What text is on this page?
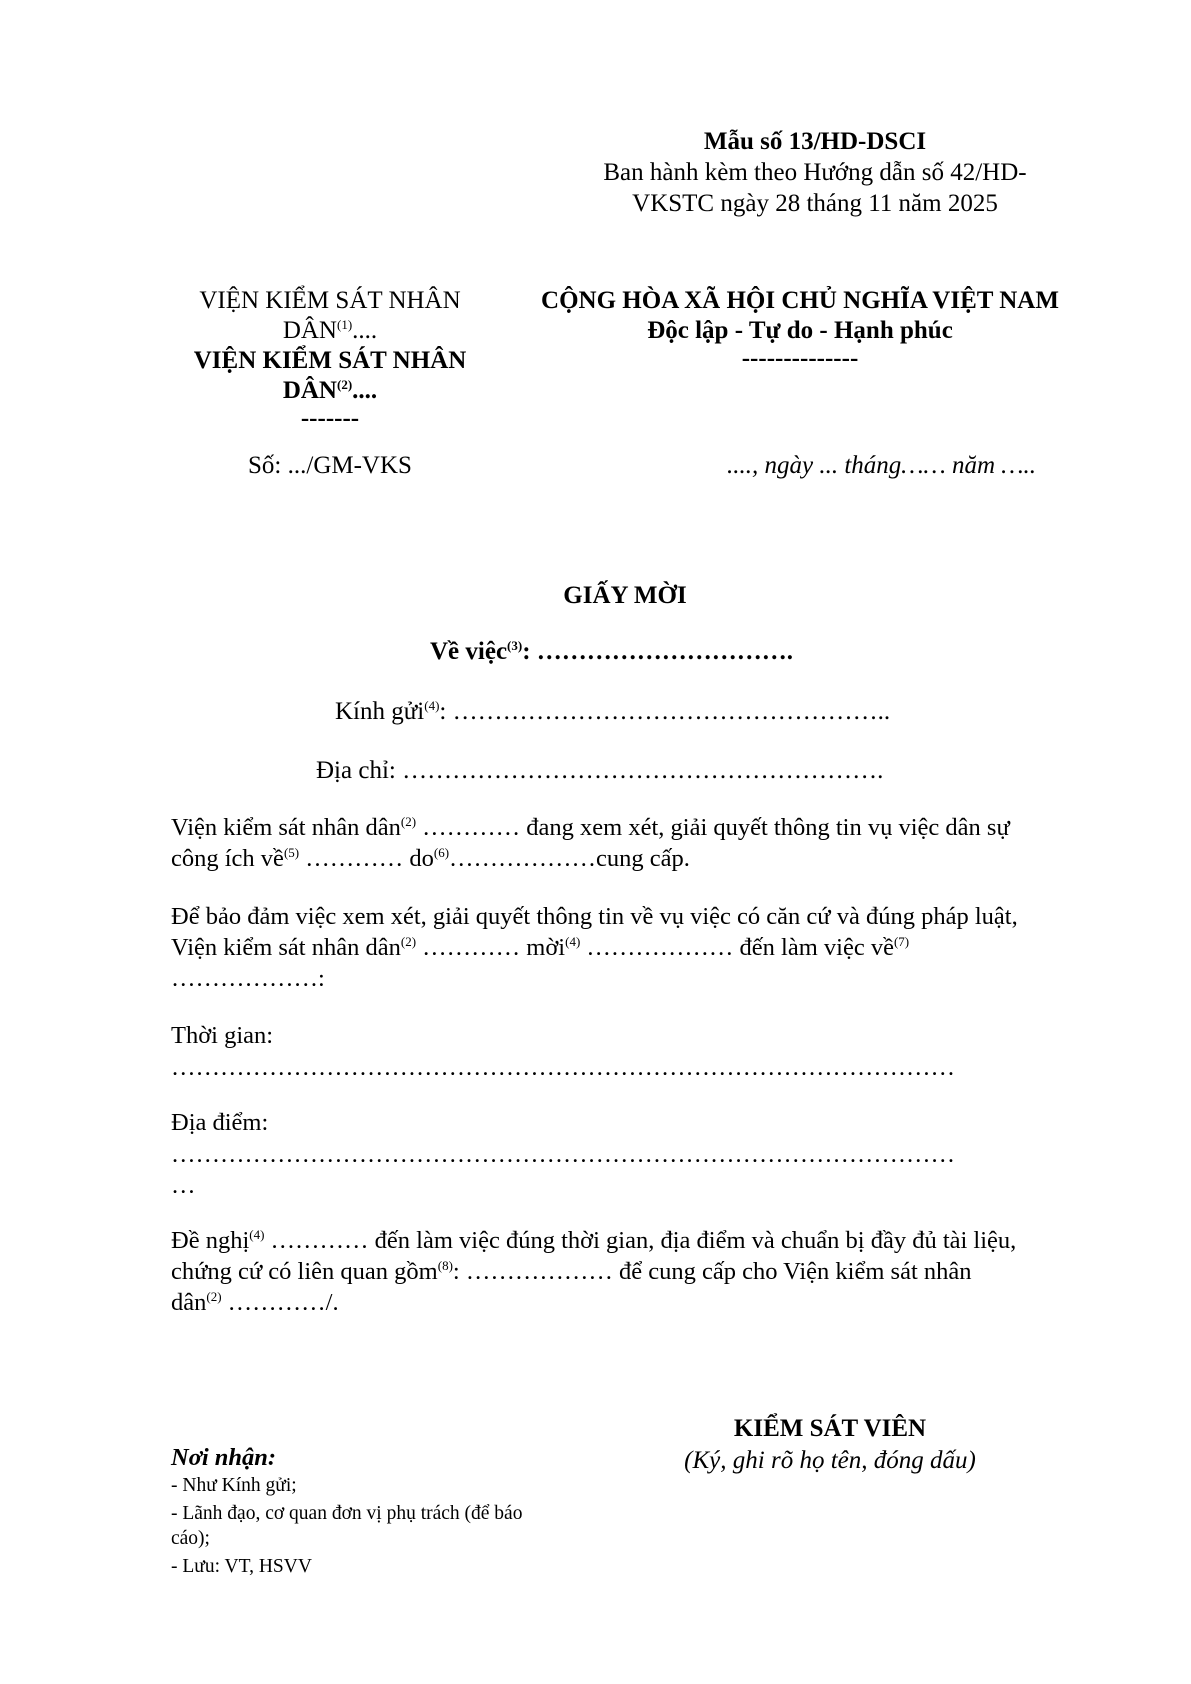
Mẫu số 13/HD-DSCI
Ban hành kèm theo Hướng dẫn số 42/HD-
VKSTC ngày 28 tháng 11 năm 2025
VIỆN KIỂM SÁT NHÂN
DÂN$^{(1)}$....
VIỆN KIỂM SÁT NHÂN
DÂN$^{(2)}$....
-------
Số: .../GM-VKS
CỘNG HÒA XÃ HỘI CHỦ NGHĨA VIỆT NAM
Độc lập - Tự do - Hạnh phúc
--------------
...., ngày ... tháng…… năm …..
GIẤY MỜI
Về việc$^{(3)}$: ………………………….
Kính gửi$^{(4)}$: ……………………………………………..
Địa chỉ: ………………………………………………….
Viện kiểm sát nhân dân$^{(2)}$ ………… đang xem xét, giải quyết thông tin vụ việc dân sự
công ích về$^{(5)}$ ………… $do^{(6)}\dots\dots\dots\dots\dots\dots cung$ cấp.
Để bảo đảm việc xem xét, giải quyết thông tin về vụ việc có căn cứ và đúng pháp luật,
Viện kiểm sát nhân dân$^{(2)}$ ………… mời$^{(4)}$ ……………… đến làm việc về$^{(7)}$
………………:
Thời gian:
……………………………………………………………………………………
Địa điểm:
……………………………………………………………………………………
…
Đề nghị$^{(4)}$ ………… đến làm việc đúng thời gian, địa điểm và chuẩn bị đầy đủ tài liệu,
chứng cứ có liên quan gồm$^{(8)}$: ……………… để cung cấp cho Viện kiểm sát nhân
dân$^{(2)}$ …………/.
KIỂM SÁT VIÊN
(Ký, ghi rõ họ tên, đóng dấu)
Nơi nhận:
- Như Kính gửi;
- Lãnh đạo, cơ quan đơn vị phụ trách (để báo
cáo);
- Lưu: VT, HSVV
